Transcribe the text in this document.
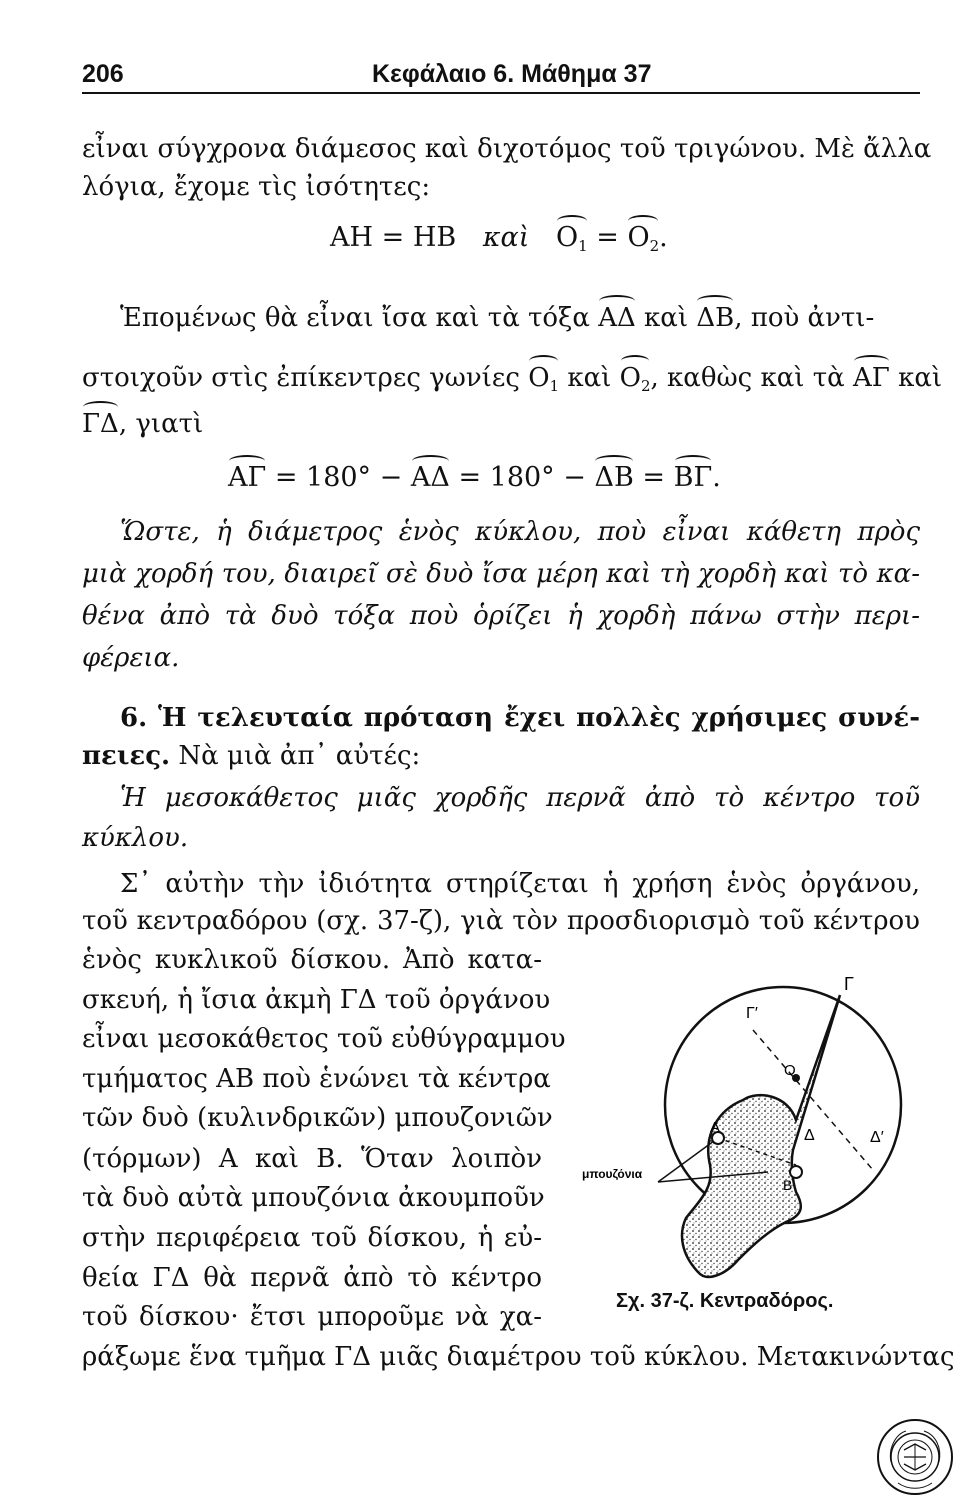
206	Κεφάλαιο 6. Μάθημα 37
εἶναι σύγχρονα διάμεσος καὶ διχοτόμος τοῦ τριγώνου. Μὲ ἄλλα
λόγια, ἔχομε τὶς ἰσότητες:
ΑΗ = ΗΒ καὶ $O_1 = O_2$.
Ἑπομένως θὰ εἶναι ἴσα καὶ τὰ τόξα ΑΔ καὶ ΔΒ, ποὺ ἀντι-
στοιχοῦν στὶς ἐπίκεντρες γωνίες $O_1$ καὶ $O_2$, καθὼς καὶ τὰ ΑΓ καὶ
ΓΔ, γιατὶ
ΑΓ = 180° − ΑΔ = 180° − ΔΒ = ΒΓ.
Ὥστε, ἡ διάμετρος ἑνὸς κύκλου, ποὺ εἶναι κάθετη πρὸς
μιὰ χορδή του, διαιρεῖ σὲ δυὸ ἴσα μέρη καὶ τὴ χορδὴ καὶ τὸ κα-
θένα ἀπὸ τὰ δυὸ τόξα ποὺ ὁρίζει ἡ χορδὴ πάνω στὴν περι-
φέρεια.
6. Ἡ τελευταία πρόταση ἔχει πολλὲς χρήσιμες συνέ-
πειες. Νὰ μιὰ ἀπ᾽ αὐτές:
Ἡ μεσοκάθετος μιᾶς χορδῆς περνᾶ ἀπὸ τὸ κέντρο τοῦ
κύκλου.
Σ᾽ αὐτὴν τὴν ἰδιότητα στηρίζεται ἡ χρήση ἑνὸς ὀργάνου,
τοῦ κεντραδόρου (σχ. 37-ζ), γιὰ τὸν προσδιορισμὸ τοῦ κέντρου
ἑνὸς κυκλικοῦ δίσκου. Ἀπὸ κατα-
σκευή, ἡ ἴσια ἀκμὴ ΓΔ τοῦ ὀργάνου
εἶναι μεσοκάθετος τοῦ εὐθύγραμμου
τμήματος ΑΒ ποὺ ἑνώνει τὰ κέντρα
τῶν δυὸ (κυλινδρικῶν) μπουζονιῶν
(τόρμων) Α καὶ Β. Ὅταν λοιπὸν
τὰ δυὸ αὐτὰ μπουζόνια ἀκουμποῦν
στὴν περιφέρεια τοῦ δίσκου, ἡ εὐ-
θεία ΓΔ θὰ περνᾶ ἀπὸ τὸ κέντρο
τοῦ δίσκου· ἔτσι μποροῦμε νὰ χα-
ράξωμε ἕνα τμῆμα ΓΔ μιᾶς διαμέτρου τοῦ κύκλου. Μετακινώντας
Γ
Γ′
O
Δ	Δ′
Α
Β
μπουζόνια
Σχ. 37-ζ. Κεντραδόρος.
